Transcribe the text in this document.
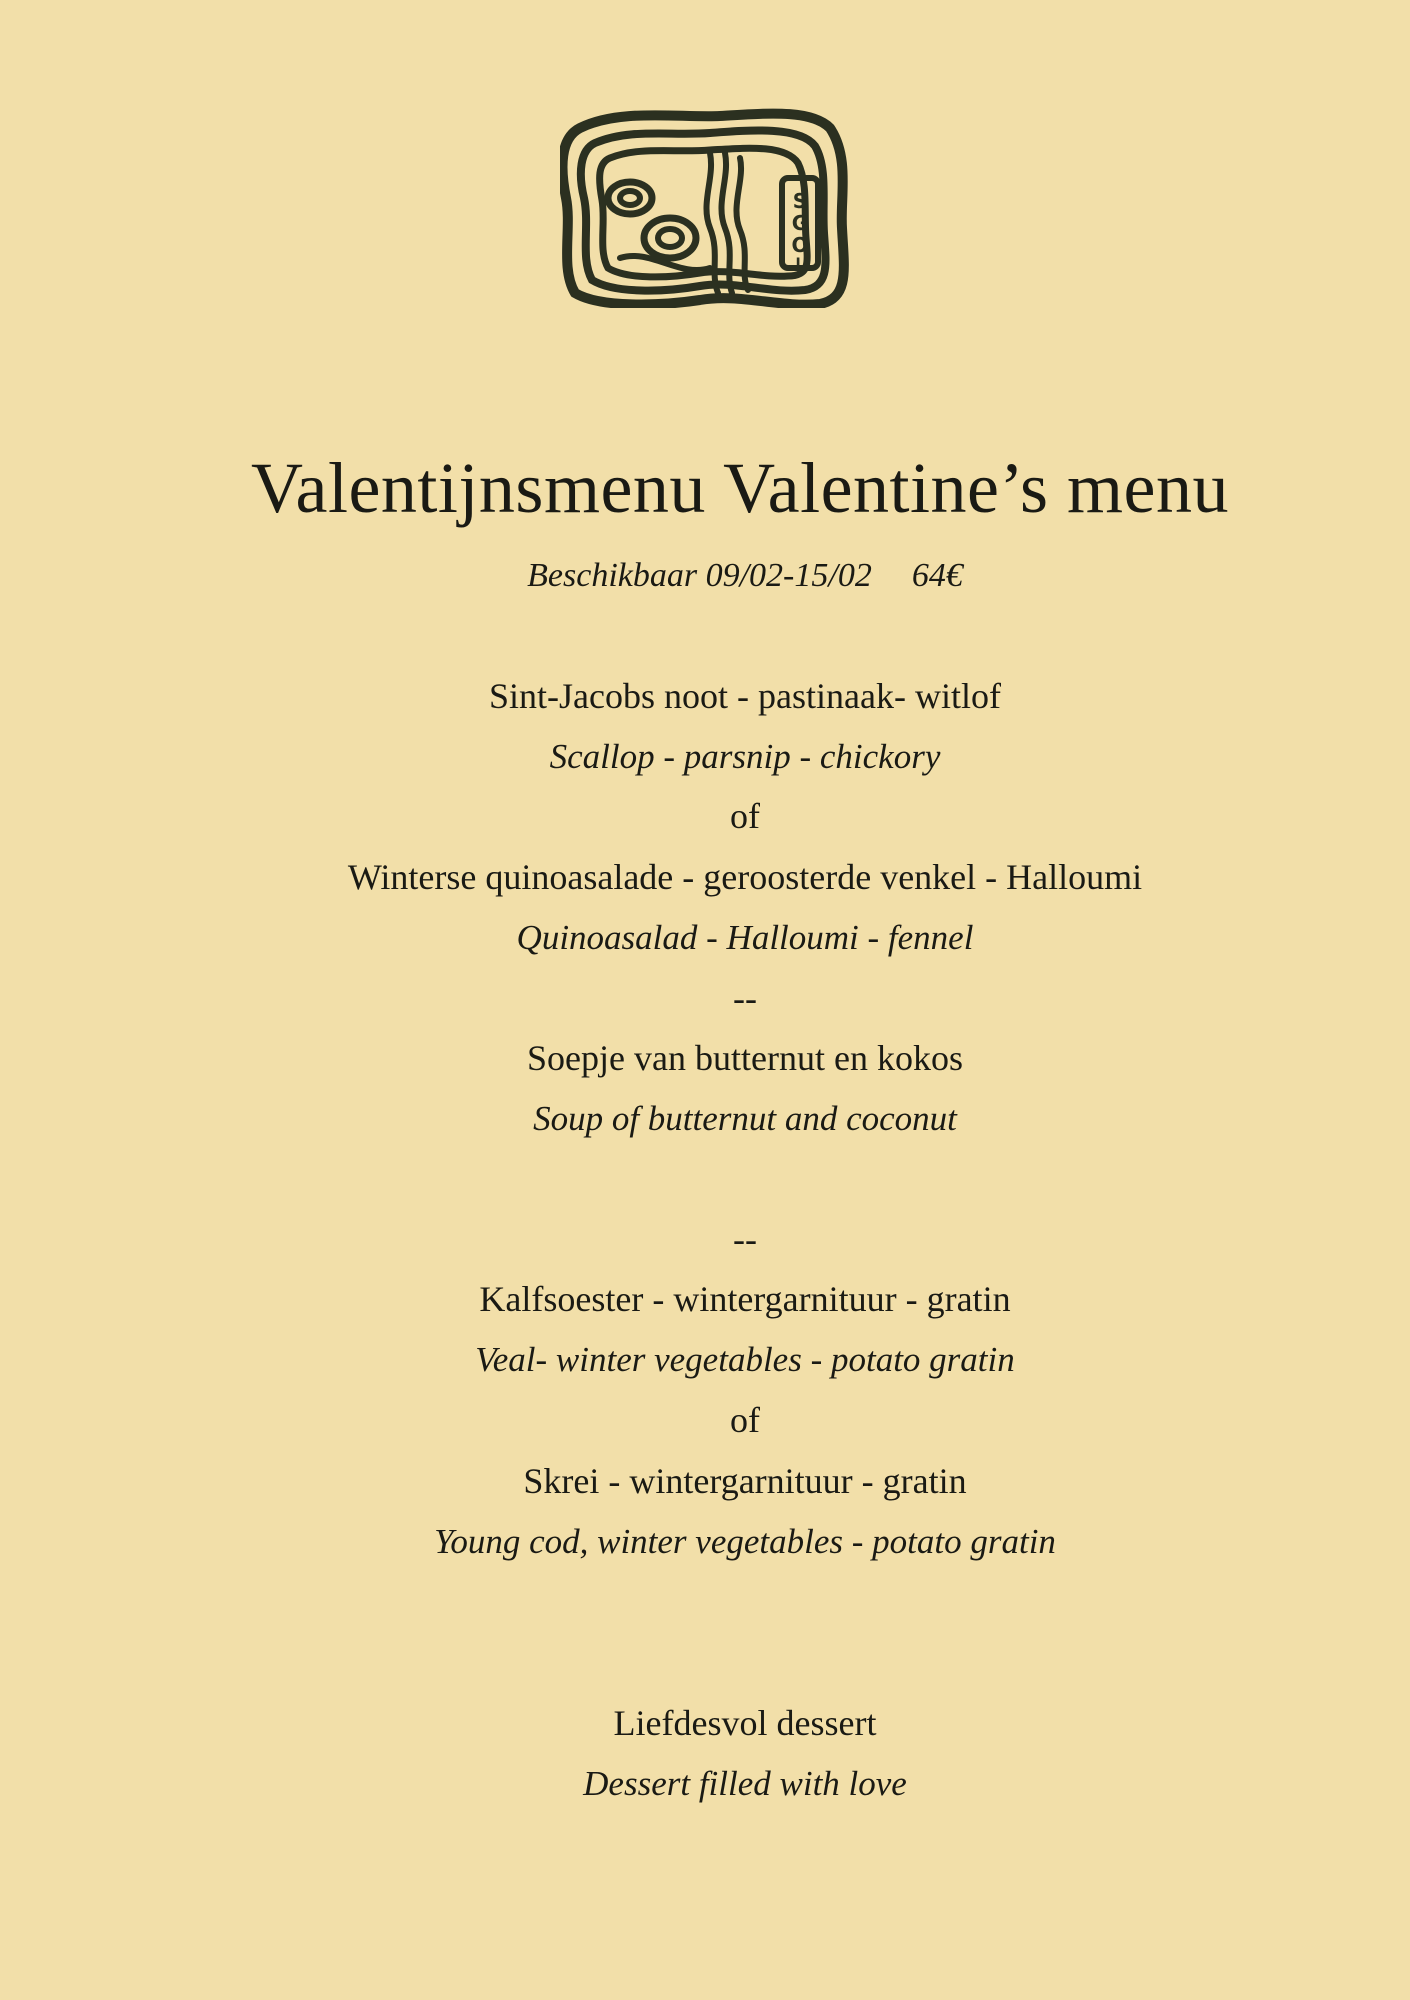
S
G
O
L
Valentijnsmenu Valentine’s menu
Beschikbaar 09/02-15/02 64€
Sint-Jacobs noot - pastinaak- witlof
Scallop - parsnip - chickory
of
Winterse quinoasalade - geroosterde venkel - Halloumi
Quinoasalad - Halloumi - fennel
--
Soepje van butternut en kokos
Soup of butternut and coconut
--
Kalfsoester - wintergarnituur - gratin
Veal- winter vegetables - potato gratin
of
Skrei - wintergarnituur - gratin
Young cod, winter vegetables - potato gratin
Liefdesvol dessert
Dessert filled with love
